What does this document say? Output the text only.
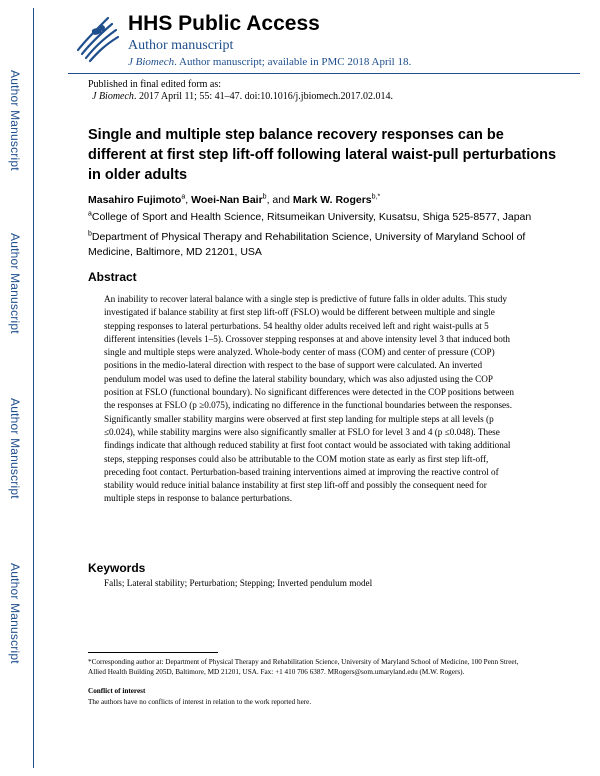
Author Manuscript
Author Manuscript
Author Manuscript
Author Manuscript
HHS Public Access
Author manuscript
J Biomech. Author manuscript; available in PMC 2018 April 18.
Published in final edited form as:
J Biomech. 2017 April 11; 55: 41–47. doi:10.1016/j.jbiomech.2017.02.014.
Single and multiple step balance recovery responses can be different at first step lift-off following lateral waist-pull perturbations in older adults
Masahiro Fujimoto$^a$, Woei-Nan Bair$^b$, and Mark W. Rogers$^{b,*}$
$^a$College of Sport and Health Science, Ritsumeikan University, Kusatsu, Shiga 525-8577, Japan
$^b$Department of Physical Therapy and Rehabilitation Science, University of Maryland School of Medicine, Baltimore, MD 21201, USA
Abstract
An inability to recover lateral balance with a single step is predictive of future falls in older adults. This study investigated if balance stability at first step lift-off (FSLO) would be different between multiple and single stepping responses to lateral perturbations. 54 healthy older adults received left and right waist-pulls at 5 different intensities (levels 1–5). Crossover stepping responses at and above intensity level 3 that induced both single and multiple steps were analyzed. Whole-body center of mass (COM) and center of pressure (COP) positions in the medio-lateral direction with respect to the base of support were calculated. An inverted pendulum model was used to define the lateral stability boundary, which was also adjusted using the COP position at FSLO (functional boundary). No significant differences were detected in the COP positions between the responses at FSLO (p ≥0.075), indicating no difference in the functional boundaries between the responses. Significantly smaller stability margins were observed at first step landing for multiple steps at all levels (p ≤0.024), while stability margins were also significantly smaller at FSLO for level 3 and 4 (p ≤0.048). These findings indicate that although reduced stability at first foot contact would be associated with taking additional steps, stepping responses could also be attributable to the COM motion state as early as first step lift-off, preceding foot contact. Perturbation-based training interventions aimed at improving the reactive control of stability would reduce initial balance instability at first step lift-off and possibly the consequent need for multiple steps in response to balance perturbations.
Keywords
Falls; Lateral stability; Perturbation; Stepping; Inverted pendulum model
*Corresponding author at: Department of Physical Therapy and Rehabilitation Science, University of Maryland School of Medicine, 100 Penn Street, Allied Health Building 205D, Baltimore, MD 21201, USA. Fax: +1 410 706 6387. MRogers@som.umaryland.edu (M.W. Rogers).
Conflict of interest
The authors have no conflicts of interest in relation to the work reported here.
